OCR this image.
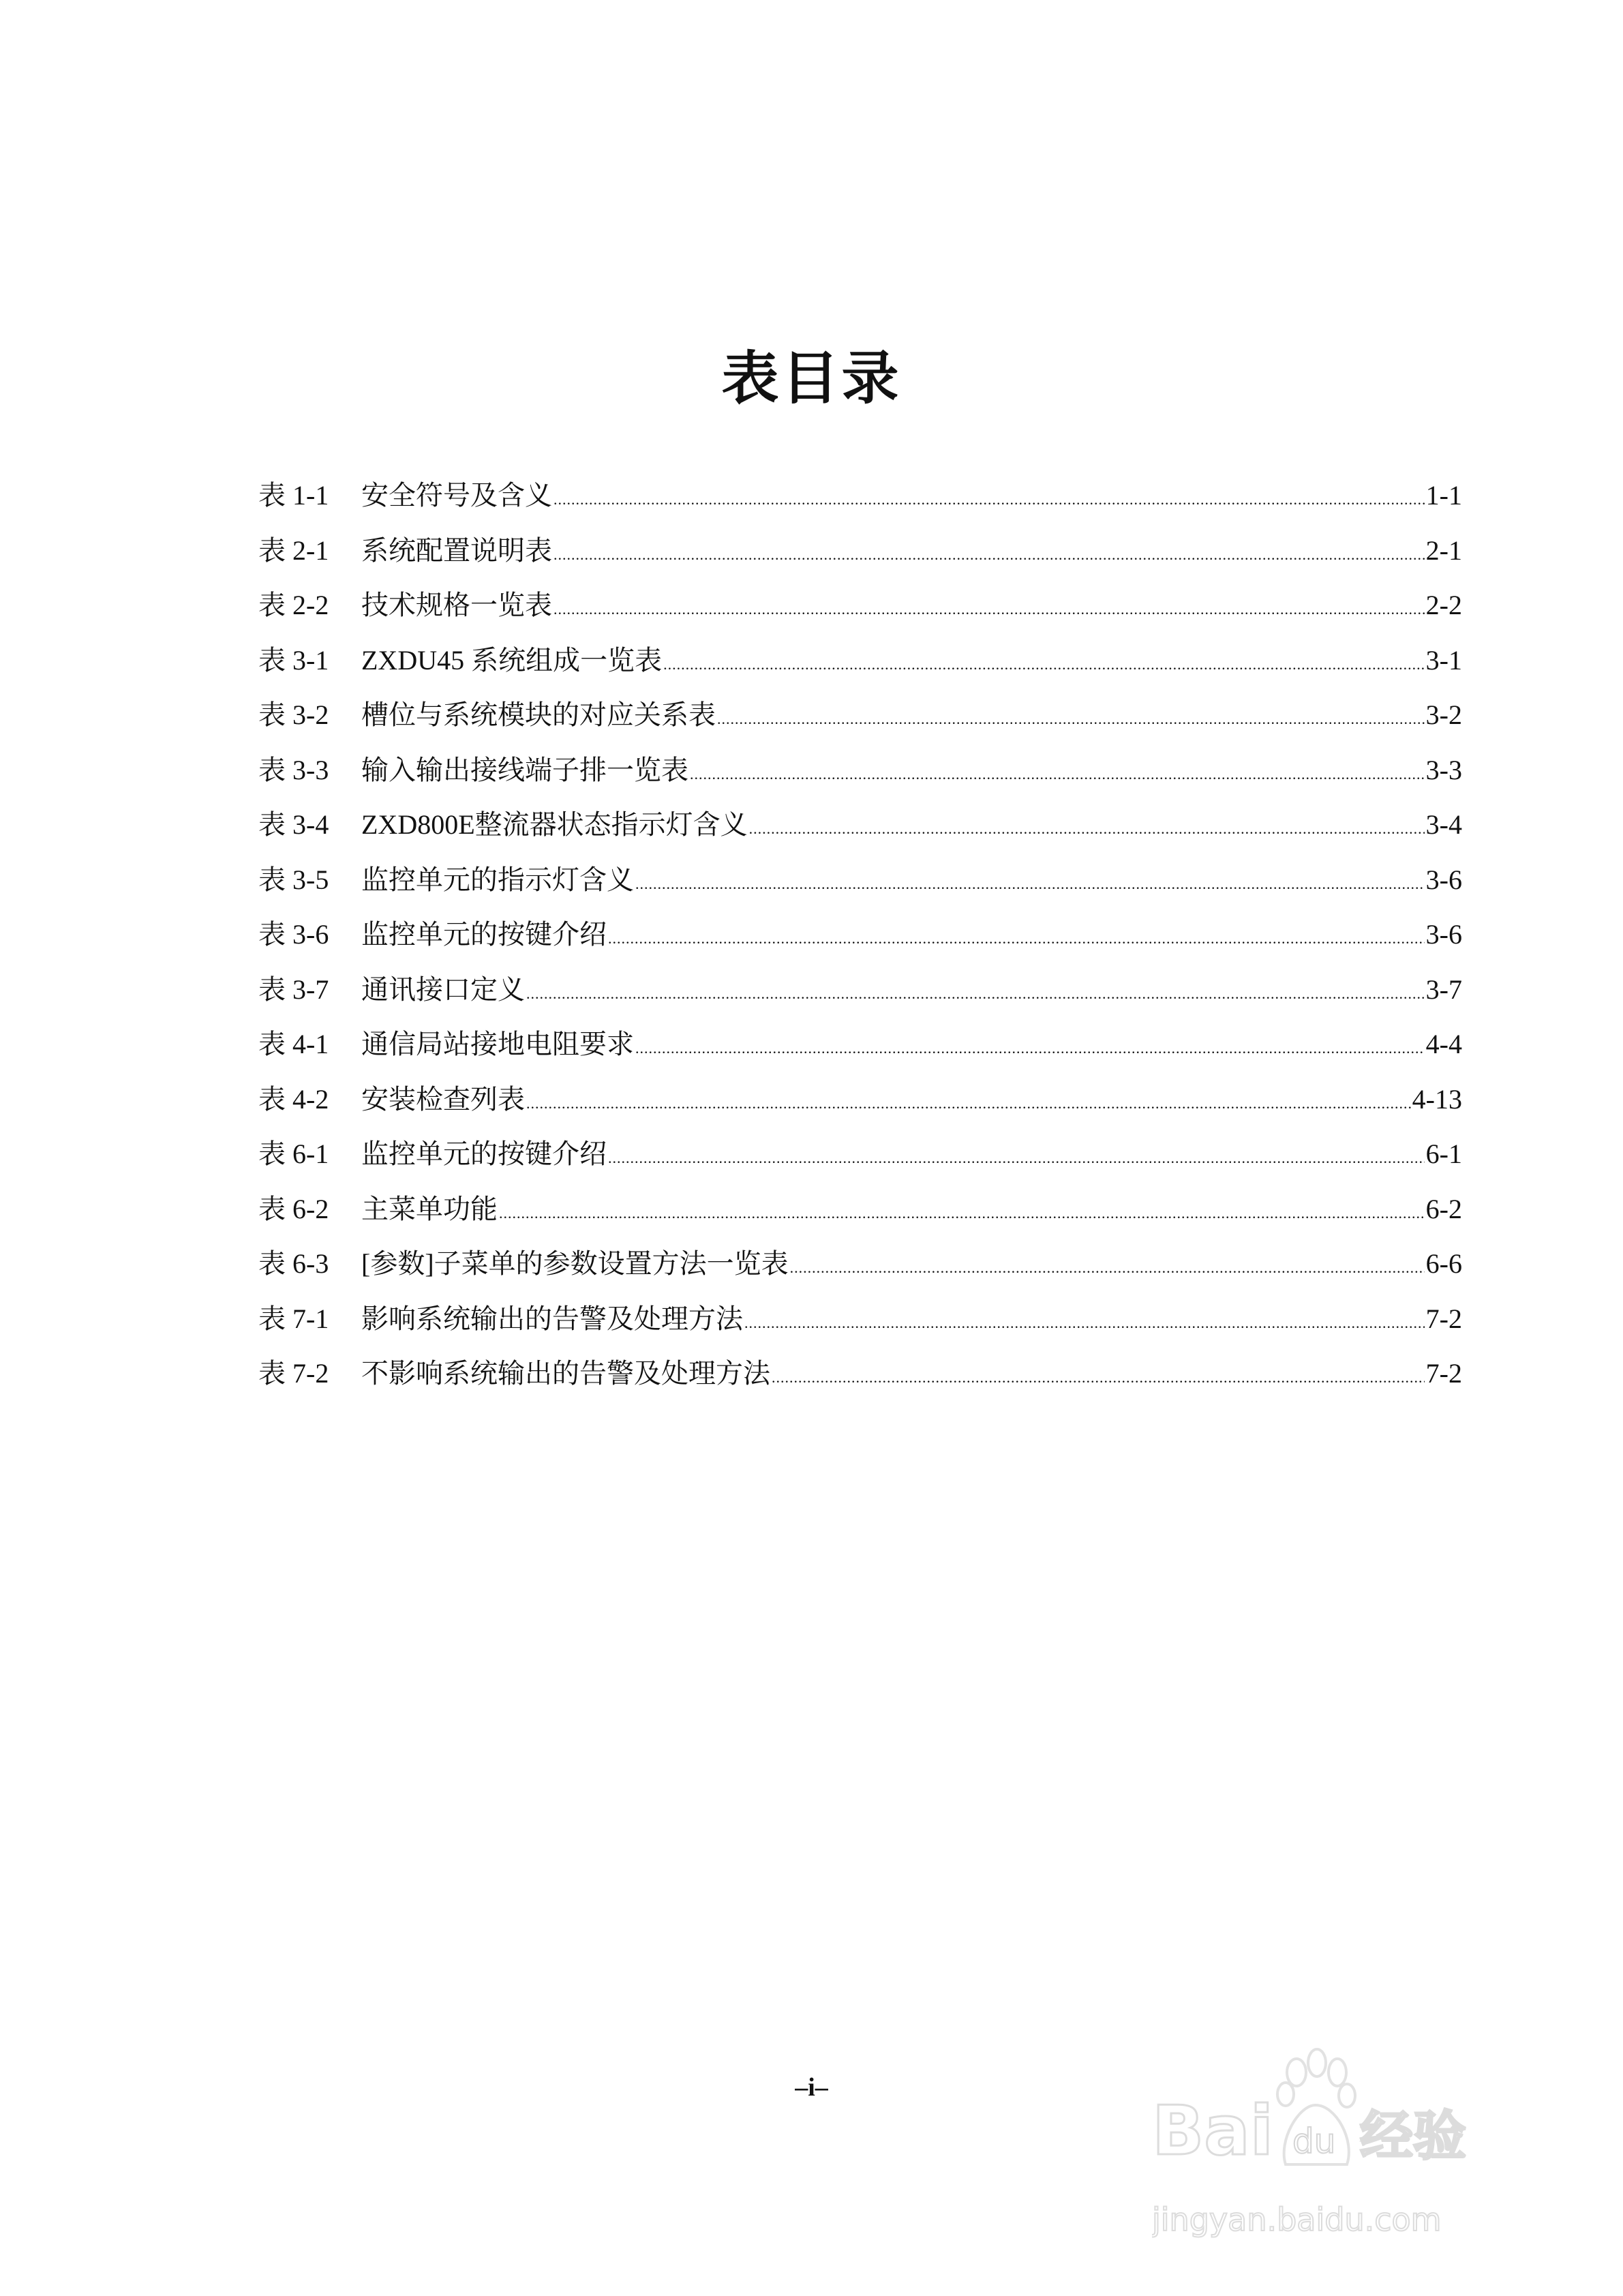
表目录
表 1-1	安全符号及含义 .....	1-1
表 2-1	系统配置说明表 .....	2-1
表 2-2	技术规格一览表 .....	2-2
表 3-1	ZXDU45 系统组成一览表 .....	3-1
表 3-2	槽位与系统模块的对应关系表 .....	3-2
表 3-3	输入输出接线端子排一览表 .....	3-3
表 3-4	ZXD800E整流器状态指示灯含义 .....	3-4
表 3-5	监控单元的指示灯含义 .....	3-6
表 3-6	监控单元的按键介绍 .....	3-6
表 3-7	通讯接口定义 .....	3-7
表 4-1	通信局站接地电阻要求 .....	4-4
表 4-2	安装检查列表 .....	4-13
表 6-1	监控单元的按键介绍 .....	6-1
表 6-2	主菜单功能 .....	6-2
表 6-3	[参数]子菜单的参数设置方法一览表 .....	6-6
表 7-1	影响系统输出的告警及处理方法 .....	7-2
表 7-2	不影响系统输出的告警及处理方法 .....	7-2
–i–
Bai du 经验
jingyan.baidu.com
